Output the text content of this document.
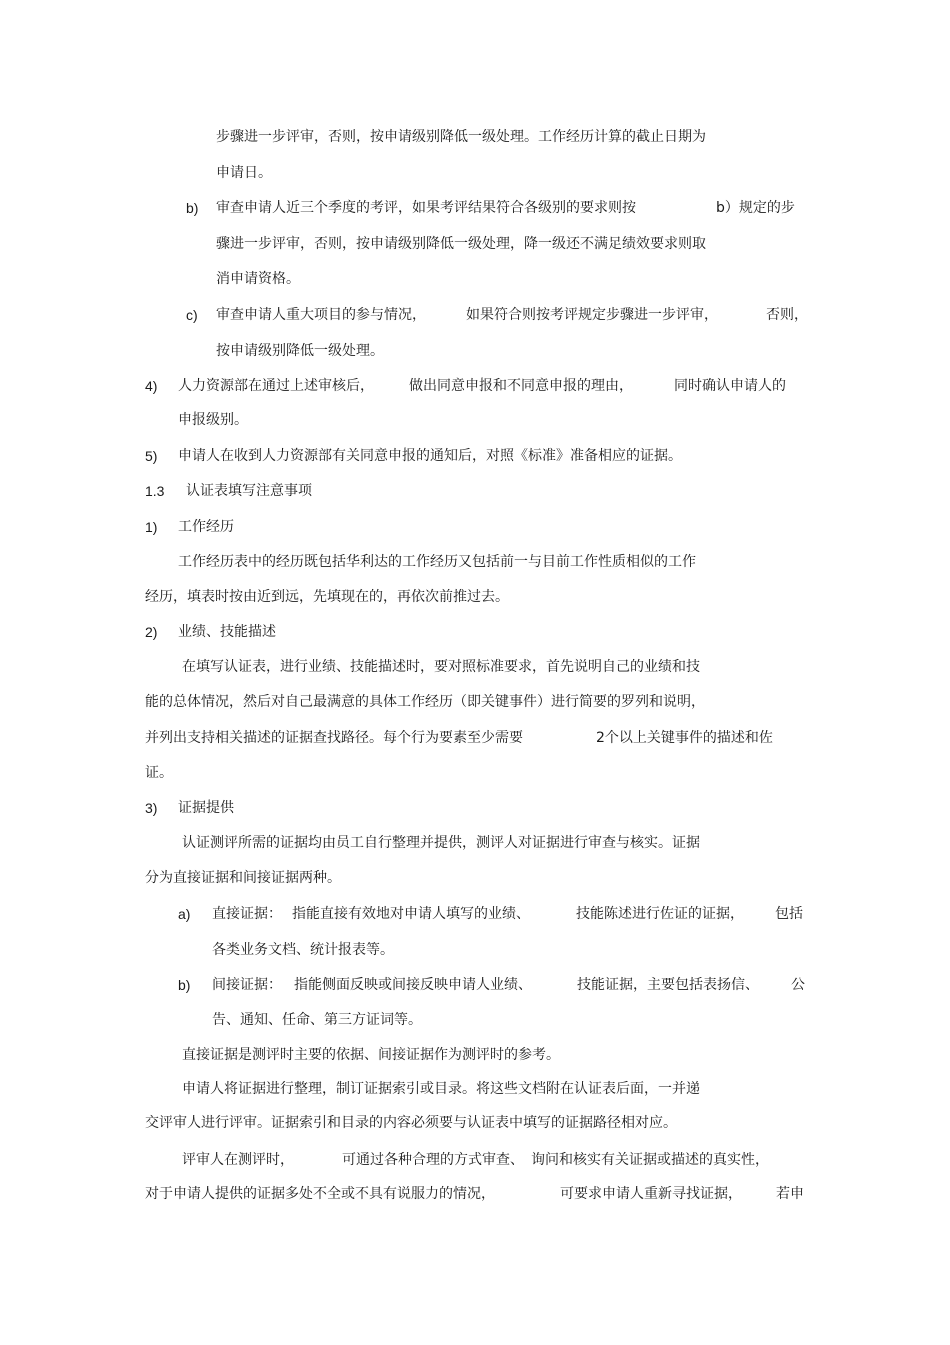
步骤进一步评审，否则，按申请级别降低一级处理。工作经历计算的截止日期为
申请日。
b) 审查申请人近三个季度的考评，如果考评结果符合各级别的要求则按	b）规定的步
骤进一步评审，否则，按申请级别降低一级处理，降一级还不满足绩效要求则取
消申请资格。
c) 审查申请人重大项目的参与情况，	如果符合则按考评规定步骤进一步评审，	否则，
按申请级别降低一级处理。
4) 人力资源部在通过上述审核后，	做出同意申报和不同意申报的理由，	同时确认申请人的
申报级别。
5) 申请人在收到人力资源部有关同意申报的通知后，对照《标准》准备相应的证据。
1.3 认证表填写注意事项
1) 工作经历
工作经历表中的经历既包括华利达的工作经历又包括前一与目前工作性质相似的工作
经历，填表时按由近到远，先填现在的，再依次前推过去。
2) 业绩、技能描述
在填写认证表，进行业绩、技能描述时，要对照标准要求，首先说明自己的业绩和技
能的总体情况，然后对自己最满意的具体工作经历（即关键事件）进行简要的罗列和说明，
并列出支持相关描述的证据查找路径。每个行为要素至少需要	2个以上关键事件的描述和佐
证。
3) 证据提供
认证测评所需的证据均由员工自行整理并提供，测评人对证据进行审查与核实。证据
分为直接证据和间接证据两种。
a) 直接证据： 指能直接有效地对申请人填写的业绩、	技能陈述进行佐证的证据， 包括
各类业务文档、统计报表等。
b) 间接证据： 指能侧面反映或间接反映申请人业绩、	技能证据，主要包括表扬信、 公
告、通知、任命、第三方证词等。
直接证据是测评时主要的依据、间接证据作为测评时的参考。
申请人将证据进行整理，制订证据索引或目录。将这些文档附在认证表后面，一并递
交评审人进行评审。证据索引和目录的内容必须要与认证表中填写的证据路径相对应。
评审人在测评时，	可通过各种合理的方式审查、 询问和核实有关证据或描述的真实性，
对于申请人提供的证据多处不全或不具有说服力的情况，	可要求申请人重新寻找证据， 若申
